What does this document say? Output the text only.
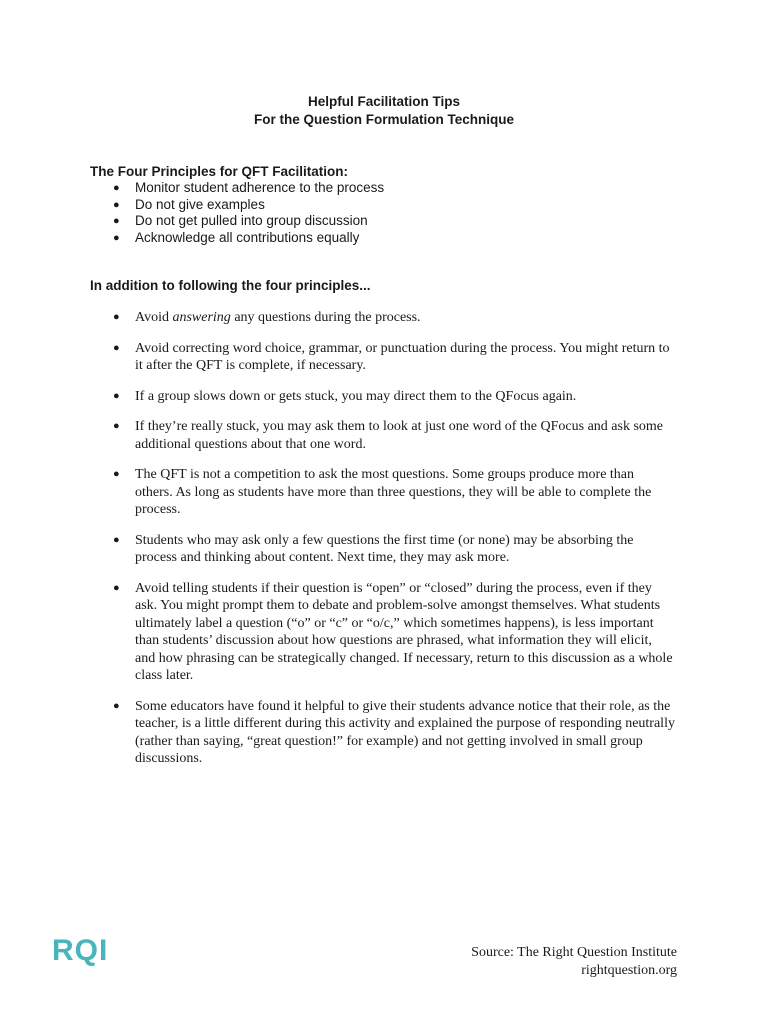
Helpful Facilitation Tips
For the Question Formulation Technique
The Four Principles for QFT Facilitation:
● Monitor student adherence to the process
● Do not give examples
● Do not get pulled into group discussion
● Acknowledge all contributions equally
In addition to following the four principles...
● Avoid answering any questions during the process.
● Avoid correcting word choice, grammar, or punctuation during the process. You might return to it after the QFT is complete, if necessary.
● If a group slows down or gets stuck, you may direct them to the QFocus again.
● If they’re really stuck, you may ask them to look at just one word of the QFocus and ask some additional questions about that one word.
● The QFT is not a competition to ask the most questions. Some groups produce more than others. As long as students have more than three questions, they will be able to complete the process.
● Students who may ask only a few questions the first time (or none) may be absorbing the process and thinking about content. Next time, they may ask more.
● Avoid telling students if their question is “open” or “closed” during the process, even if they ask. You might prompt them to debate and problem-solve amongst themselves. What students ultimately label a question (“o” or “c” or “o/c,” which sometimes happens), is less important than students’ discussion about how questions are phrased, what information they will elicit, and how phrasing can be strategically changed. If necessary, return to this discussion as a whole class later.
● Some educators have found it helpful to give their students advance notice that their role, as the teacher, is a little different during this activity and explained the purpose of responding neutrally (rather than saying, “great question!” for example) and not getting involved in small group discussions.
RQI	Source: The Right Question Institute
rightquestion.org
